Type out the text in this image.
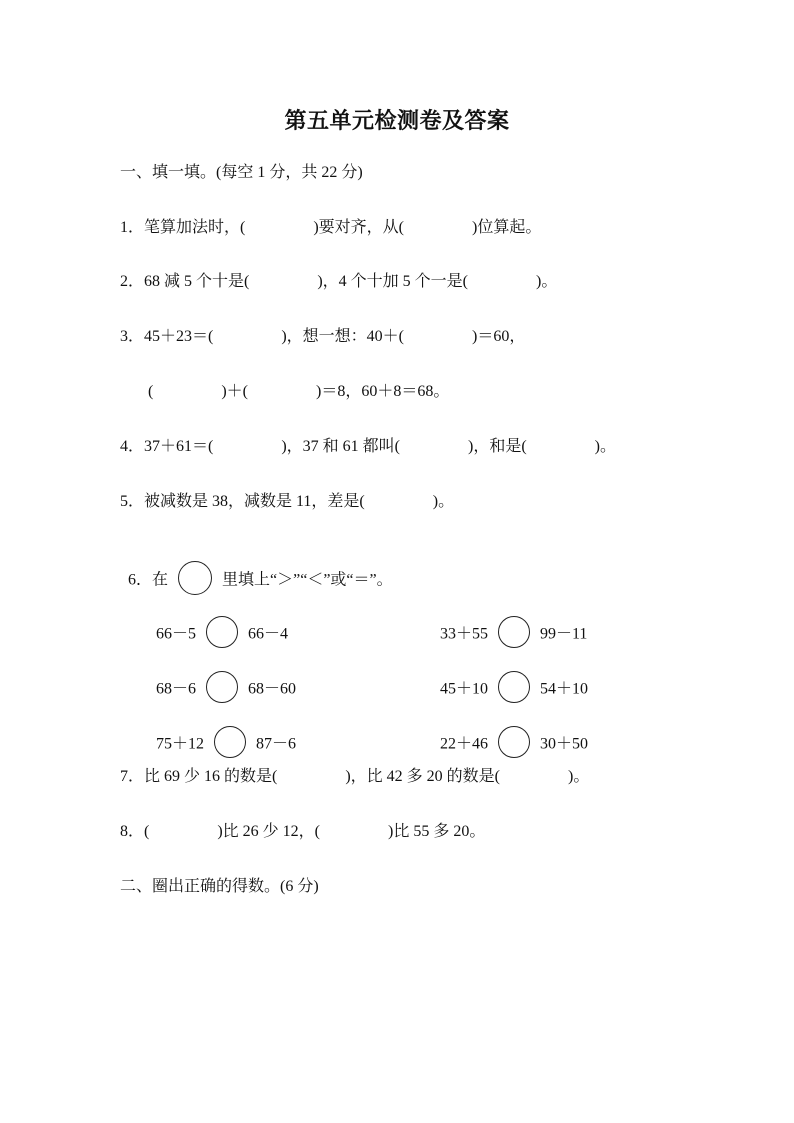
第五单元检测卷及答案
一、填一填。(每空 1 分，共 22 分)
1．笔算加法时，(　　　　 )要对齐，从(　　　　 )位算起。
2．68 减 5 个十是(　　　　 )，4 个十加 5 个一是(　　　　 )。
3．45＋23＝(　　　　 )，想一想：40＋(　　　　 )＝60，
(　　　　 )＋(　　　　 )＝8，60＋8＝68。
4．37＋61＝(　　　　 )，37 和 61 都叫(　　　　 )，和是(　　　　 )。
5．被减数是 38，减数是 11，差是(　　　　 )。

6．在	里填上“＞”“＜”或“＝”。

66－5	66－4	33＋55	99－11

68－6	68－60	45＋10	54＋10

75＋12	87－6	22＋46	30＋50

7．比 69 少 16 的数是(　　　　 )，比 42 多 20 的数是(　　　　 )。
8．(　　　　 )比 26 少 12，(　　　　 )比 55 多 20。
二、圈出正确的得数。(6 分)
